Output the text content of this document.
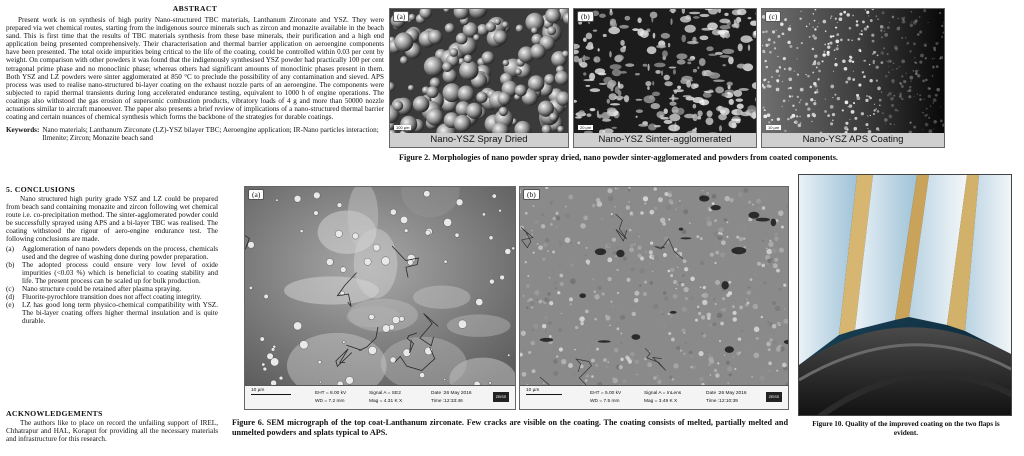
ABSTRACT

Present work is on synthesis of high purity Nano-structured TBC materials, Lanthanum Zirconate and YSZ. They were prepared via wet chemical routes, starting from the indigenous source minerals such as zircon and monazite available in the beach sand. This is first time that the results of TBC materials synthesis from these base minerals, their purification and a high end application being presented comprehensively. Their characterisation and thermal barrier application on aeroengine components have been presented. The total oxide impurities being critical to the life of the coating, could be controlled within 0.03 per cent by weight. On comparison with other powders it was found that the indigenously synthesised YSZ powder had practically 100 per cent tetragonal prime phase and no monoclinic phase; whereas others had significant amounts of monoclinic phases present in them. Both YSZ and LZ powders were sinter agglomerated at 850 °C to preclude the possibility of any contamination and sieved. APS process was used to realise nano-structured bi-layer coating on the exhaust nozzle parts of an aeroengine. The components were subjected to rapid thermal transients during long accelerated endurance testing, equivalent to 1000 h of engine operations. The coatings also withstood the gas erosion of supersonic combustion products, vibratory loads of 4 g and more than 50000 nozzle actuations similar to aircraft manoeuver. The paper also presents a brief review of implications of a nano-structured thermal barrier coating and certain nuances of chemical synthesis which forms the backbone of the strategies for durable coatings.

Keywords: Nano materials; Lanthanum Zirconate (LZ)-YSZ bilayer TBC; Aeroengine application; IR-Nano particles interaction; Ilmenite; Zircon; Monazite beach sand
(a)
100 µm
Nano-YSZ Spray Dried
(b)
20 µm
Nano-YSZ Sinter-agglomerated
(c)
10 µm
Nano-YSZ APS Coating
Figure 2. Morphologies of nano powder spray dried, nano powder sinter-agglomerated and powders from coated components.
5. CONCLUSIONS

Nano structured high purity grade YSZ and LZ could be prepared from beach sand containing monazite and zircon following wet chemical route i.e. co-precipitation method. The sinter-agglomerated powder could be successfully sprayed using APS and a bi-layer TBC was realised. The coating withstood the rigour of aero-engine endurance test. The following conclusions are made.

(a)	Agglomeration of nano powders depends on the process, chemicals used and the degree of washing done during powder preparation.
(b)	The adopted process could ensure very low level of oxide impurities (<0.03 %) which is beneficial to coating stability and life. The present process can be scaled up for bulk production.
(c)	Nano structure could be retained after plasma spraying.
(d)	Fluorite-pyrochlore transition does not affect coating integrity.
(e)	LZ has good long term physico-chemical compatibility with YSZ. The bi-layer coating offers higher thermal insulation and is quite durable.
ACKNOWLEDGEMENTS

The authors like to place on record the unfailing support of IREL, Chhatrapur and HAL, Koraput for providing all the necessary materials and infrastructure for this research.

(a)
10 µm
EHT = 8.00 kV
WD = 7.2 mm
Signal A = SE2
Mag = 4.31 K X
Date :26 May 2016
Time :12:33:46
ZEISS
(b)
10 µm
EHT = 5.00 kV
WD = 7.5 mm
Signal A = InLens
Mag = 3.49 K X
Date :26 May 2016
Time :12:10:39
ZEISS
Figure 6. SEM micrograph of the top coat-Lanthanum zirconate. Few cracks are visible on the coating. The coating consists of melted, partially melted and unmelted powders and splats typical to APS.
Figure 10. Quality of the improved coating on the two flaps is evident.
